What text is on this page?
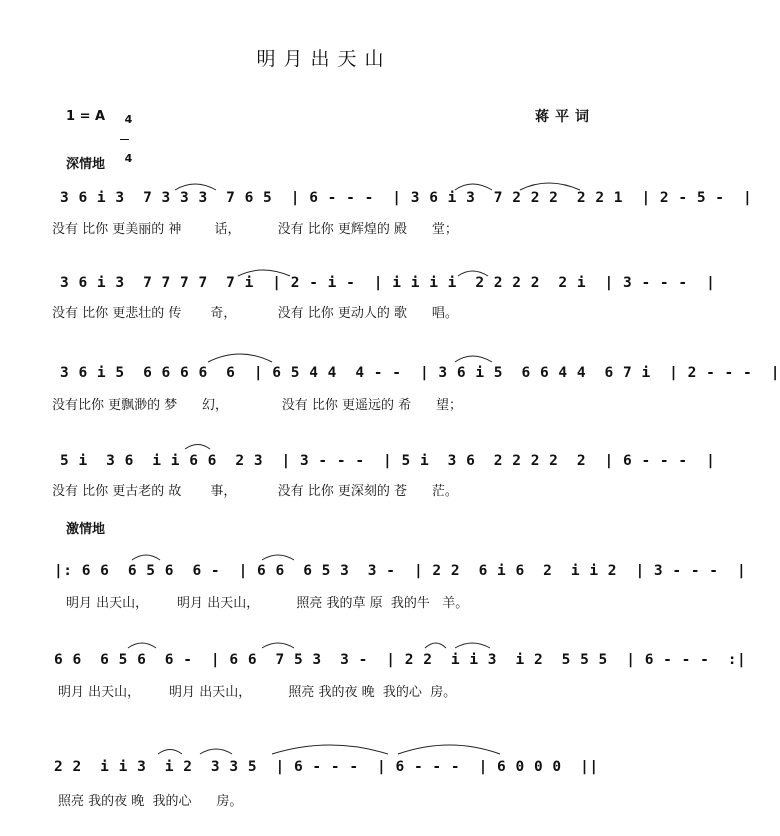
明月出天山
1 = A	4

4

蒋平词
深情地
激情地
3 6 i 3  7 3 3 3  7 6 5  | 6 - - -  | 3 6 i 3  7 2 2 2  2 2 1  | 2 - 5 -  |
没有 比你 更美丽的 神        话，         没有 比你 更辉煌的 殿      堂；
3 6 i 3  7 7 7 7  7 i  | 2 - i -  | i i i i  2 2 2 2  2 i  | 3 - - -  |
没有 比你 更悲壮的 传       奇，          没有 比你 更动人的 歌      唱。
3 6 i 5  6 6 6 6  6  | 6 5 4 4  4 - -  | 3 6 i 5  6 6 4 4  6 7 i  | 2 - - -  |
没有比你 更飘渺的 梦      幻，             没有 比你 更遥远的 希      望；
5 i  3 6  i i 6 6  2 3  | 3 - - -  | 5 i  3 6  2 2 2 2  2  | 6 - - -  |
没有 比你 更古老的 故       事，          没有 比你 更深刻的 苍      茫。
|: 6 6  6 5 6  6 -  | 6 6  6 5 3  3 -  | 2 2  6 i 6  2  i i 2  | 3 - - -  |
明月 出天山，       明月 出天山，         照亮 我的草 原  我的牛   羊。
6 6  6 5 6  6 -  | 6 6  7 5 3  3 -  | 2 2  i i 3  i 2  5 5 5  | 6 - - -  :|
明月 出天山，       明月 出天山，         照亮 我的夜 晚  我的心  房。
2 2  i i 3  i 2  3 3 5  | 6 - - -  | 6 - - -  | 6 0 0 0  ||
照亮 我的夜 晚  我的心      房。
